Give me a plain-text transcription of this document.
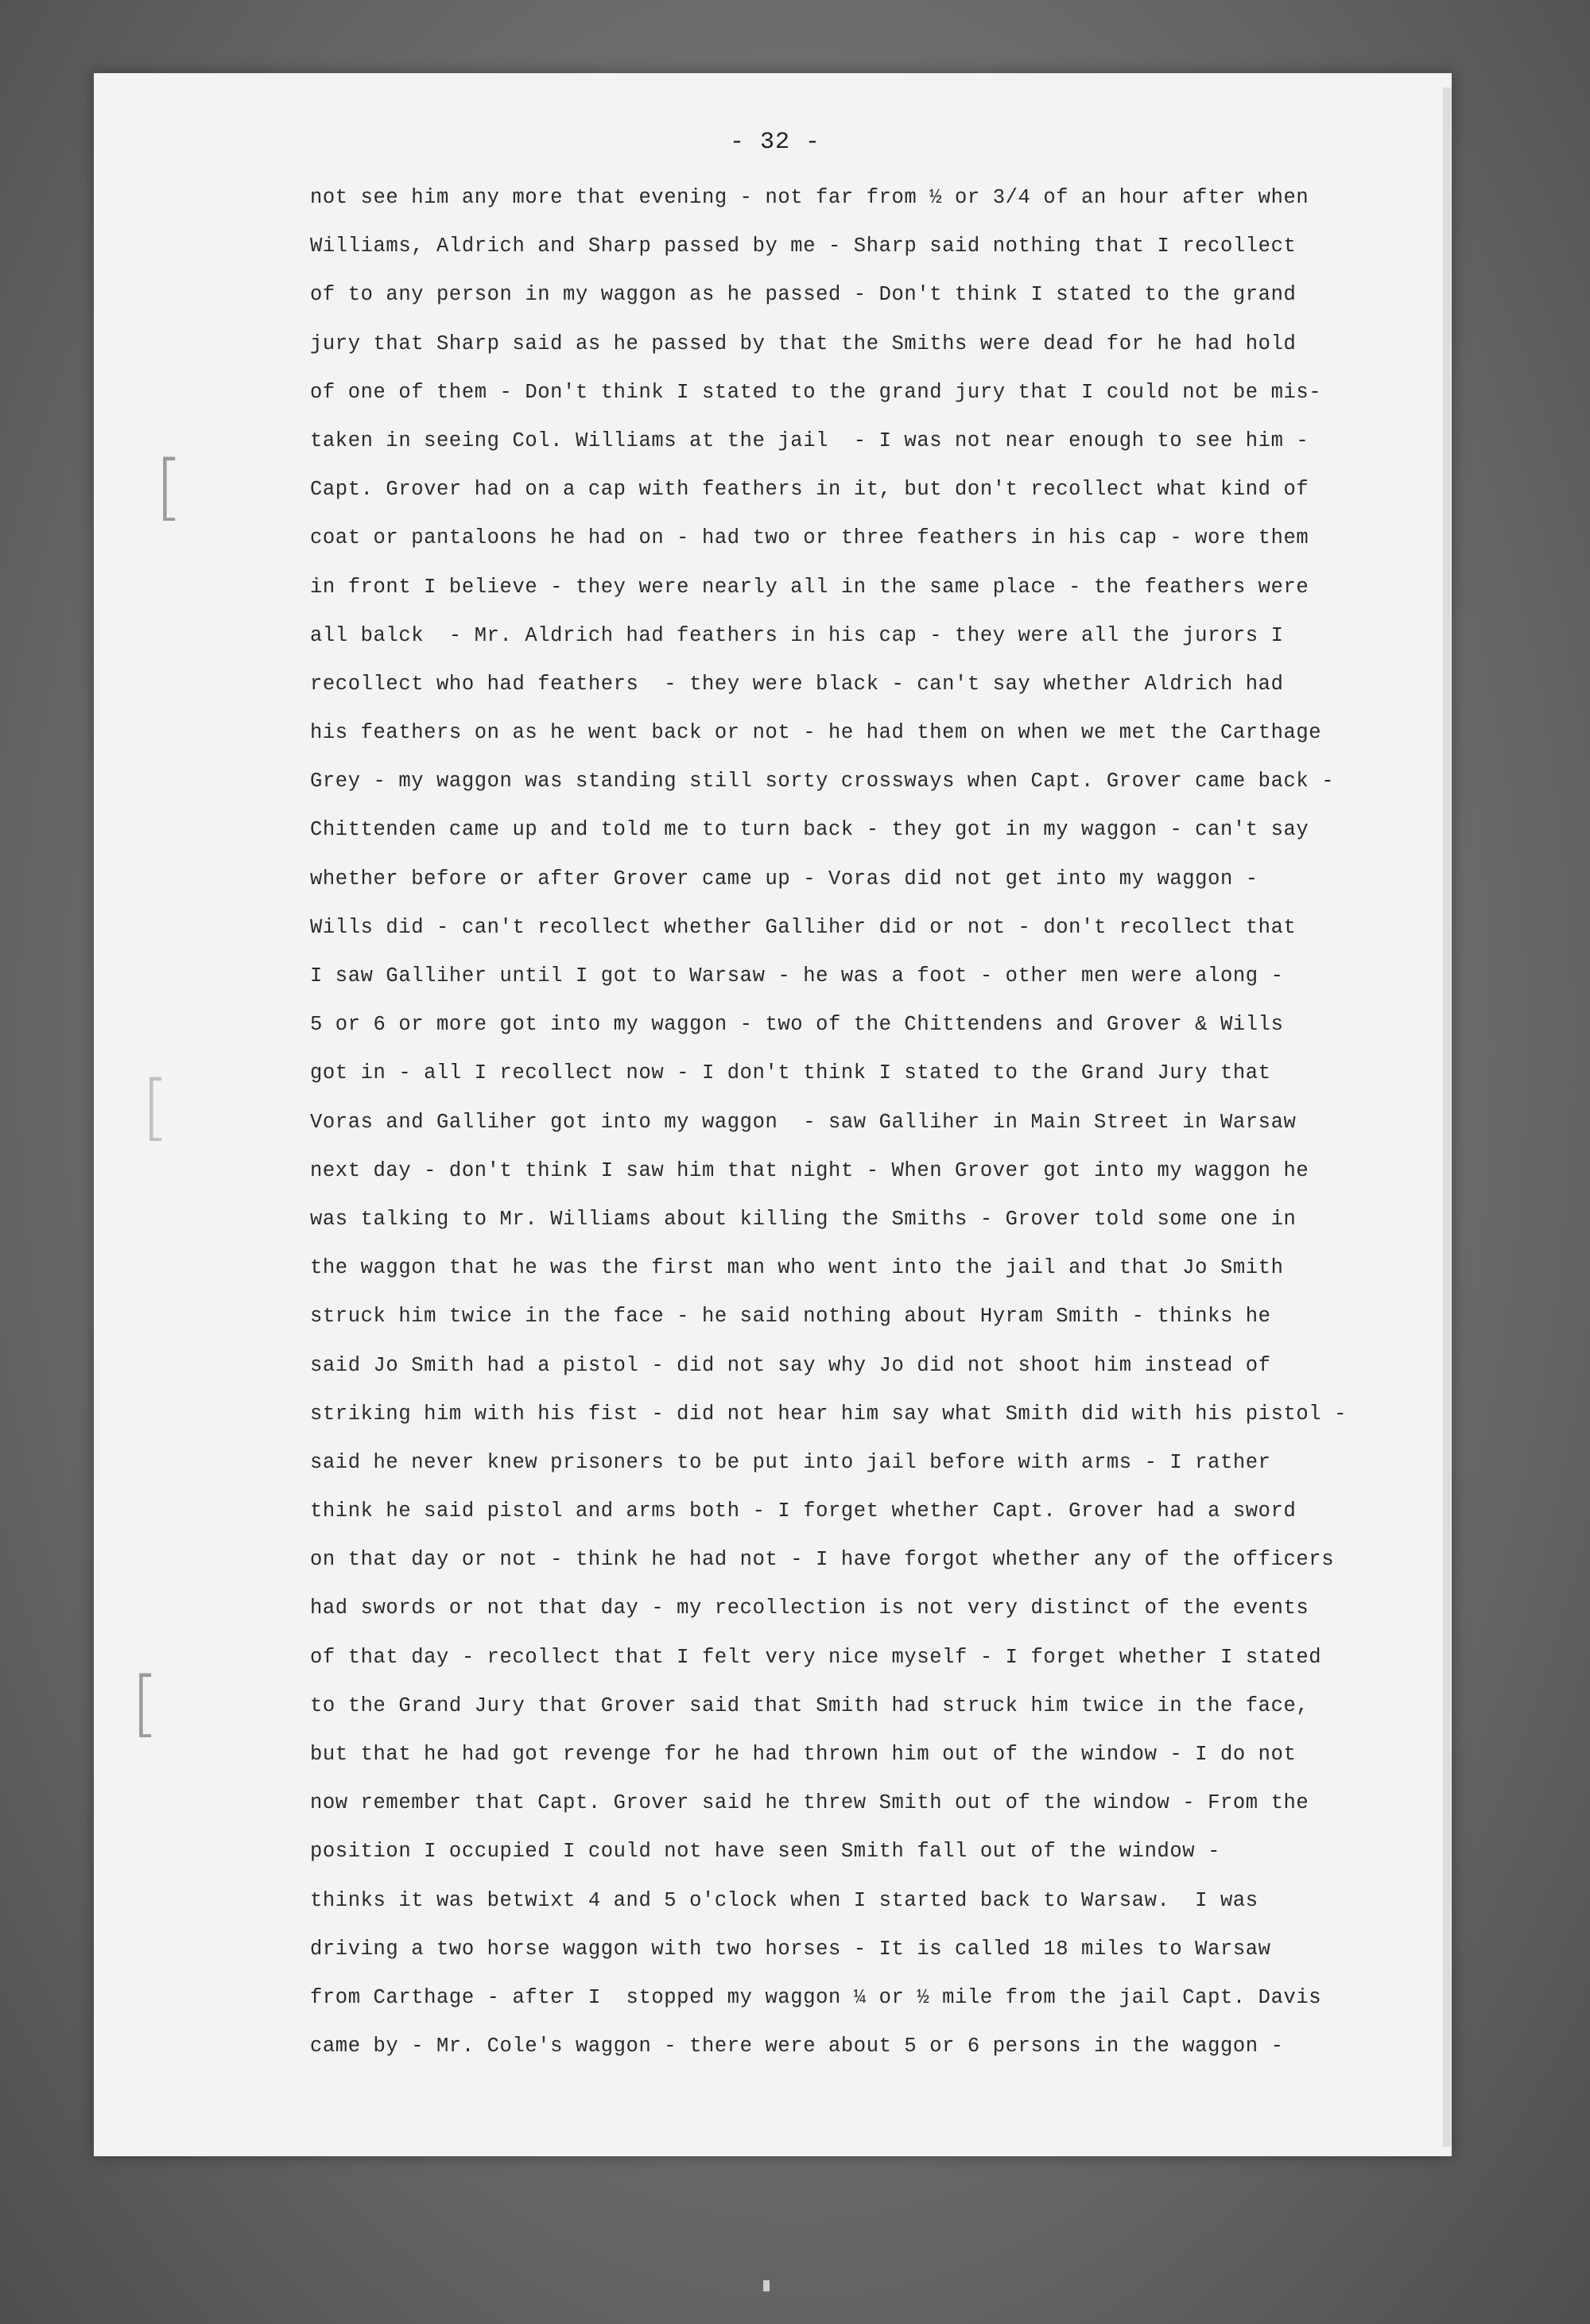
[
[
[
- 32 -
not see him any more that evening - not far from ½ or 3/4 of an hour after when
Williams, Aldrich and Sharp passed by me - Sharp said nothing that I recollect
of to any person in my waggon as he passed - Don't think I stated to the grand
jury that Sharp said as he passed by that the Smiths were dead for he had hold
of one of them - Don't think I stated to the grand jury that I could not be mis-
taken in seeing Col. Williams at the jail  - I was not near enough to see him -
Capt. Grover had on a cap with feathers in it, but don't recollect what kind of
coat or pantaloons he had on - had two or three feathers in his cap - wore them
in front I believe - they were nearly all in the same place - the feathers were
all balck  - Mr. Aldrich had feathers in his cap - they were all the jurors I
recollect who had feathers  - they were black - can't say whether Aldrich had
his feathers on as he went back or not - he had them on when we met the Carthage
Grey - my waggon was standing still sorty crossways when Capt. Grover came back -
Chittenden came up and told me to turn back - they got in my waggon - can't say
whether before or after Grover came up - Voras did not get into my waggon -
Wills did - can't recollect whether Galliher did or not - don't recollect that
I saw Galliher until I got to Warsaw - he was a foot - other men were along -
5 or 6 or more got into my waggon - two of the Chittendens and Grover & Wills
got in - all I recollect now - I don't think I stated to the Grand Jury that
Voras and Galliher got into my waggon  - saw Galliher in Main Street in Warsaw
next day - don't think I saw him that night - When Grover got into my waggon he
was talking to Mr. Williams about killing the Smiths - Grover told some one in
the waggon that he was the first man who went into the jail and that Jo Smith
struck him twice in the face - he said nothing about Hyram Smith - thinks he
said Jo Smith had a pistol - did not say why Jo did not shoot him instead of
striking him with his fist - did not hear him say what Smith did with his pistol -
said he never knew prisoners to be put into jail before with arms - I rather
think he said pistol and arms both - I forget whether Capt. Grover had a sword
on that day or not - think he had not - I have forgot whether any of the officers
had swords or not that day - my recollection is not very distinct of the events
of that day - recollect that I felt very nice myself - I forget whether I stated
to the Grand Jury that Grover said that Smith had struck him twice in the face,
but that he had got revenge for he had thrown him out of the window - I do not
now remember that Capt. Grover said he threw Smith out of the window - From the
position I occupied I could not have seen Smith fall out of the window -
thinks it was betwixt 4 and 5 o'clock when I started back to Warsaw.  I was
driving a two horse waggon with two horses - It is called 18 miles to Warsaw
from Carthage - after I  stopped my waggon ¼ or ½ mile from the jail Capt. Davis
came by - Mr. Cole's waggon - there were about 5 or 6 persons in the waggon -
